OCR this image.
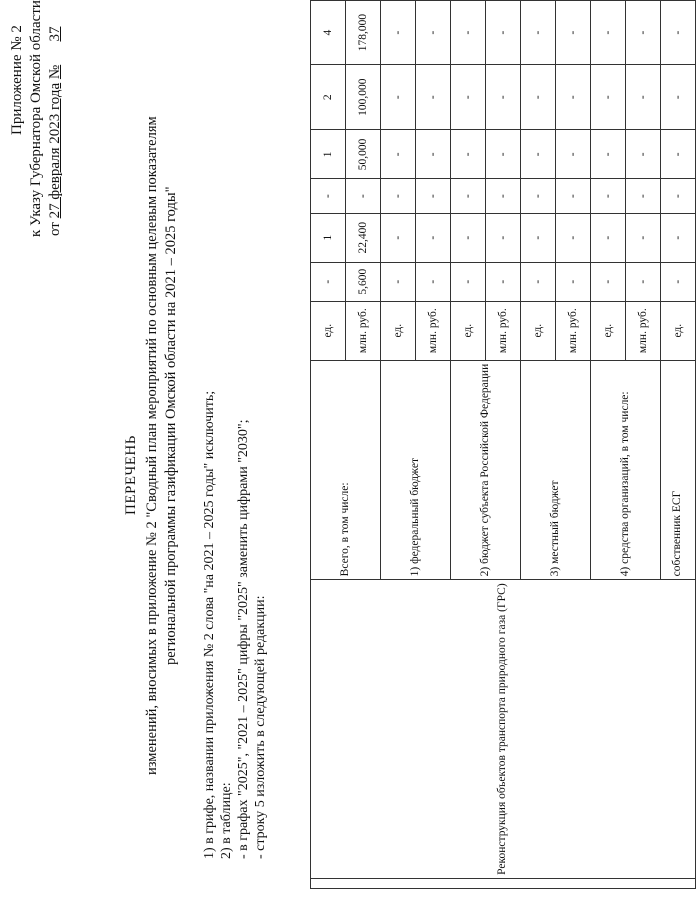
Приложение № 2 к Указу Губернатора Омской области от 27 февраля 2023 года № 37
ПЕРЕЧЕНЬ изменений, вносимых в приложение № 2 "Сводный план мероприятий по основным целевым показателям региональной программы газификации Омской области на 2021 – 2025 годы" 1) в грифе, названии приложения № 2 слова "на 2021 – 2025 годы" исключить; 2) в таблице: - в графах "2025", "2021 – 2025" цифры "2025" заменить цифрами "2030"; - строку 5 изложить в следующей редакции:
		Реконструкция объектов транспорта природного газа (ГРС)	Всего, в том числе:	ед.	-	1	-	1	2	4
			млн. руб.	5,600	22,400	-	50,000	100,000	178,000
		1) федеральный бюджет	ед.	-	-	-	-	-	-
			млн. руб.	-	-	-	-	-	-
		2) бюджет субъекта Российской Федерации	ед.	-	-	-	-	-	-
			млн. руб.	-	-	-	-	-	-
		3) местный бюджет	ед.	-	-	-	-	-	-
			млн. руб.	-	-	-	-	-	-
		4) средства организаций, в том числе:	ед.	-	-	-	-	-	-
			млн. руб.	-	-	-	-	-	-
		собственник ЕСГ	ед.	-	-	-	-	-	-
